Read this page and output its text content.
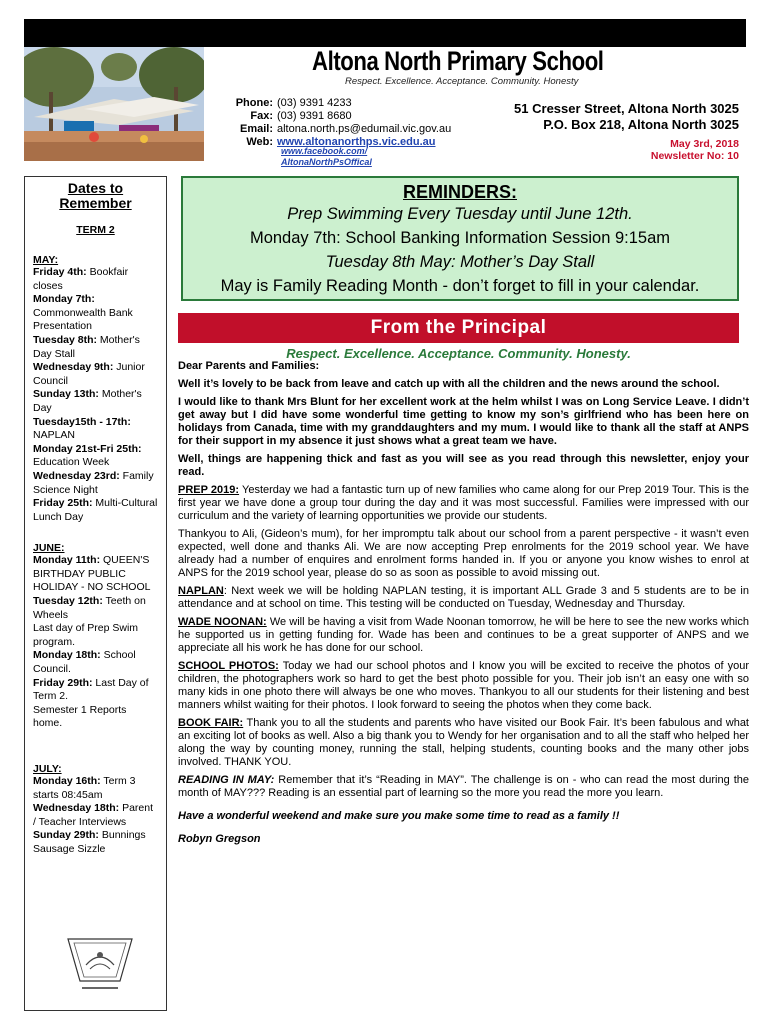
Altona North Primary School
Respect. Excellence. Acceptance. Community. Honesty
Phone: (03) 9391 4233
Fax: (03) 9391 8680
Email: altona.north.ps@edumail.vic.gov.au
Web: www.altonanorthps.vic.edu.au
www.facebook.com/
AltonaNorthPsOffical
51 Cresser Street, Altona North 3025
P.O. Box 218, Altona North 3025
May 3rd, 2018
Newsletter No: 10
Dates to
Remember
TERM 2
MAY:
Friday 4th: Bookfair closes
Monday 7th: Commonwealth Bank Presentation
Tuesday 8th: Mother's Day Stall
Wednesday 9th: Junior Council
Sunday 13th: Mother's Day
Tuesday15th - 17th: NAPLAN
Monday 21st-Fri 25th: Education Week
Wednesday 23rd: Family Science Night
Friday 25th: Multi-Cultural Lunch Day
JUNE:
Monday 11th: QUEEN'S BIRTHDAY PUBLIC HOLIDAY - NO SCHOOL
Tuesday 12th: Teeth on Wheels
Last day of Prep Swim program.
Monday 18th: School Council.
Friday 29th: Last Day of Term 2.
Semester 1 Reports home.
JULY:
Monday 16th: Term 3 starts 08:45am
Wednesday 18th: Parent / Teacher Interviews
Sunday 29th: Bunnings Sausage Sizzle
REMINDERS:
Prep Swimming Every Tuesday until June 12th.
Monday 7th: School Banking Information Session 9:15am
Tuesday 8th May: Mother’s Day Stall
May is Family Reading Month - don’t forget to fill in your calendar.
From the Principal
Respect. Excellence. Acceptance. Community. Honesty.

Dear Parents and Families:

Well it’s lovely to be back from leave and catch up with all the children and the news around the school.

I would like to thank Mrs Blunt for her excellent work at the helm whilst I was on Long Service Leave. I didn’t get away but I did have some wonderful time getting to know my son’s girlfriend who has been here on holidays from Canada, time with my granddaughters and my mum. I would like to thank all the staff at ANPS for their support in my absence it just shows what a great team we have.

Well, things are happening thick and fast as you will see as you read through this newsletter, enjoy your read.

PREP 2019: Yesterday we had a fantastic turn up of new families who came along for our Prep 2019 Tour. This is the first year we have done a group tour during the day and it was most successful. Families were impressed with our curriculum and the variety of learning opportunities we provide our students.

Thankyou to Ali, (Gideon’s mum), for her impromptu talk about our school from a parent perspective - it wasn’t even expected, well done and thanks Ali. We are now accepting Prep enrolments for the 2019 school year. We have already had a number of enquires and enrolment forms handed in. If you or anyone you know wishes to enrol at ANPS for the 2019 school year, please do so as soon as possible to avoid missing out.

NAPLAN: Next week we will be holding NAPLAN testing, it is important ALL Grade 3 and 5 students are to be in attendance and at school on time. This testing will be conducted on Tuesday, Wednesday and Thursday.

WADE NOONAN: We will be having a visit from Wade Noonan tomorrow, he will be here to see the new works which he supported us in getting funding for. Wade has been and continues to be a great supporter of ANPS and we appreciate all his work he has done for our school.

SCHOOL PHOTOS: Today we had our school photos and I know you will be excited to receive the photos of your children, the photographers work so hard to get the best photo possible for you. Their job isn’t an easy one with so many kids in one photo there will always be one who moves. Thankyou to all our students for their listening and best manners whilst waiting for their photos. I look forward to seeing the photos when they come back.

BOOK FAIR: Thank you to all the students and parents who have visited our Book Fair. It’s been fabulous and what an exciting lot of books as well. Also a big thank you to Wendy for her organisation and to all the staff who helped her along the way by counting money, running the stall, helping students, counting books and the many other jobs involved. THANK YOU.

READING IN MAY: Remember that it’s “Reading in MAY”. The challenge is on - who can read the most during the month of MAY??? Reading is an essential part of learning so the more you read the more you learn.

Have a wonderful weekend and make sure you make some time to read as a family !!

Robyn Gregson
